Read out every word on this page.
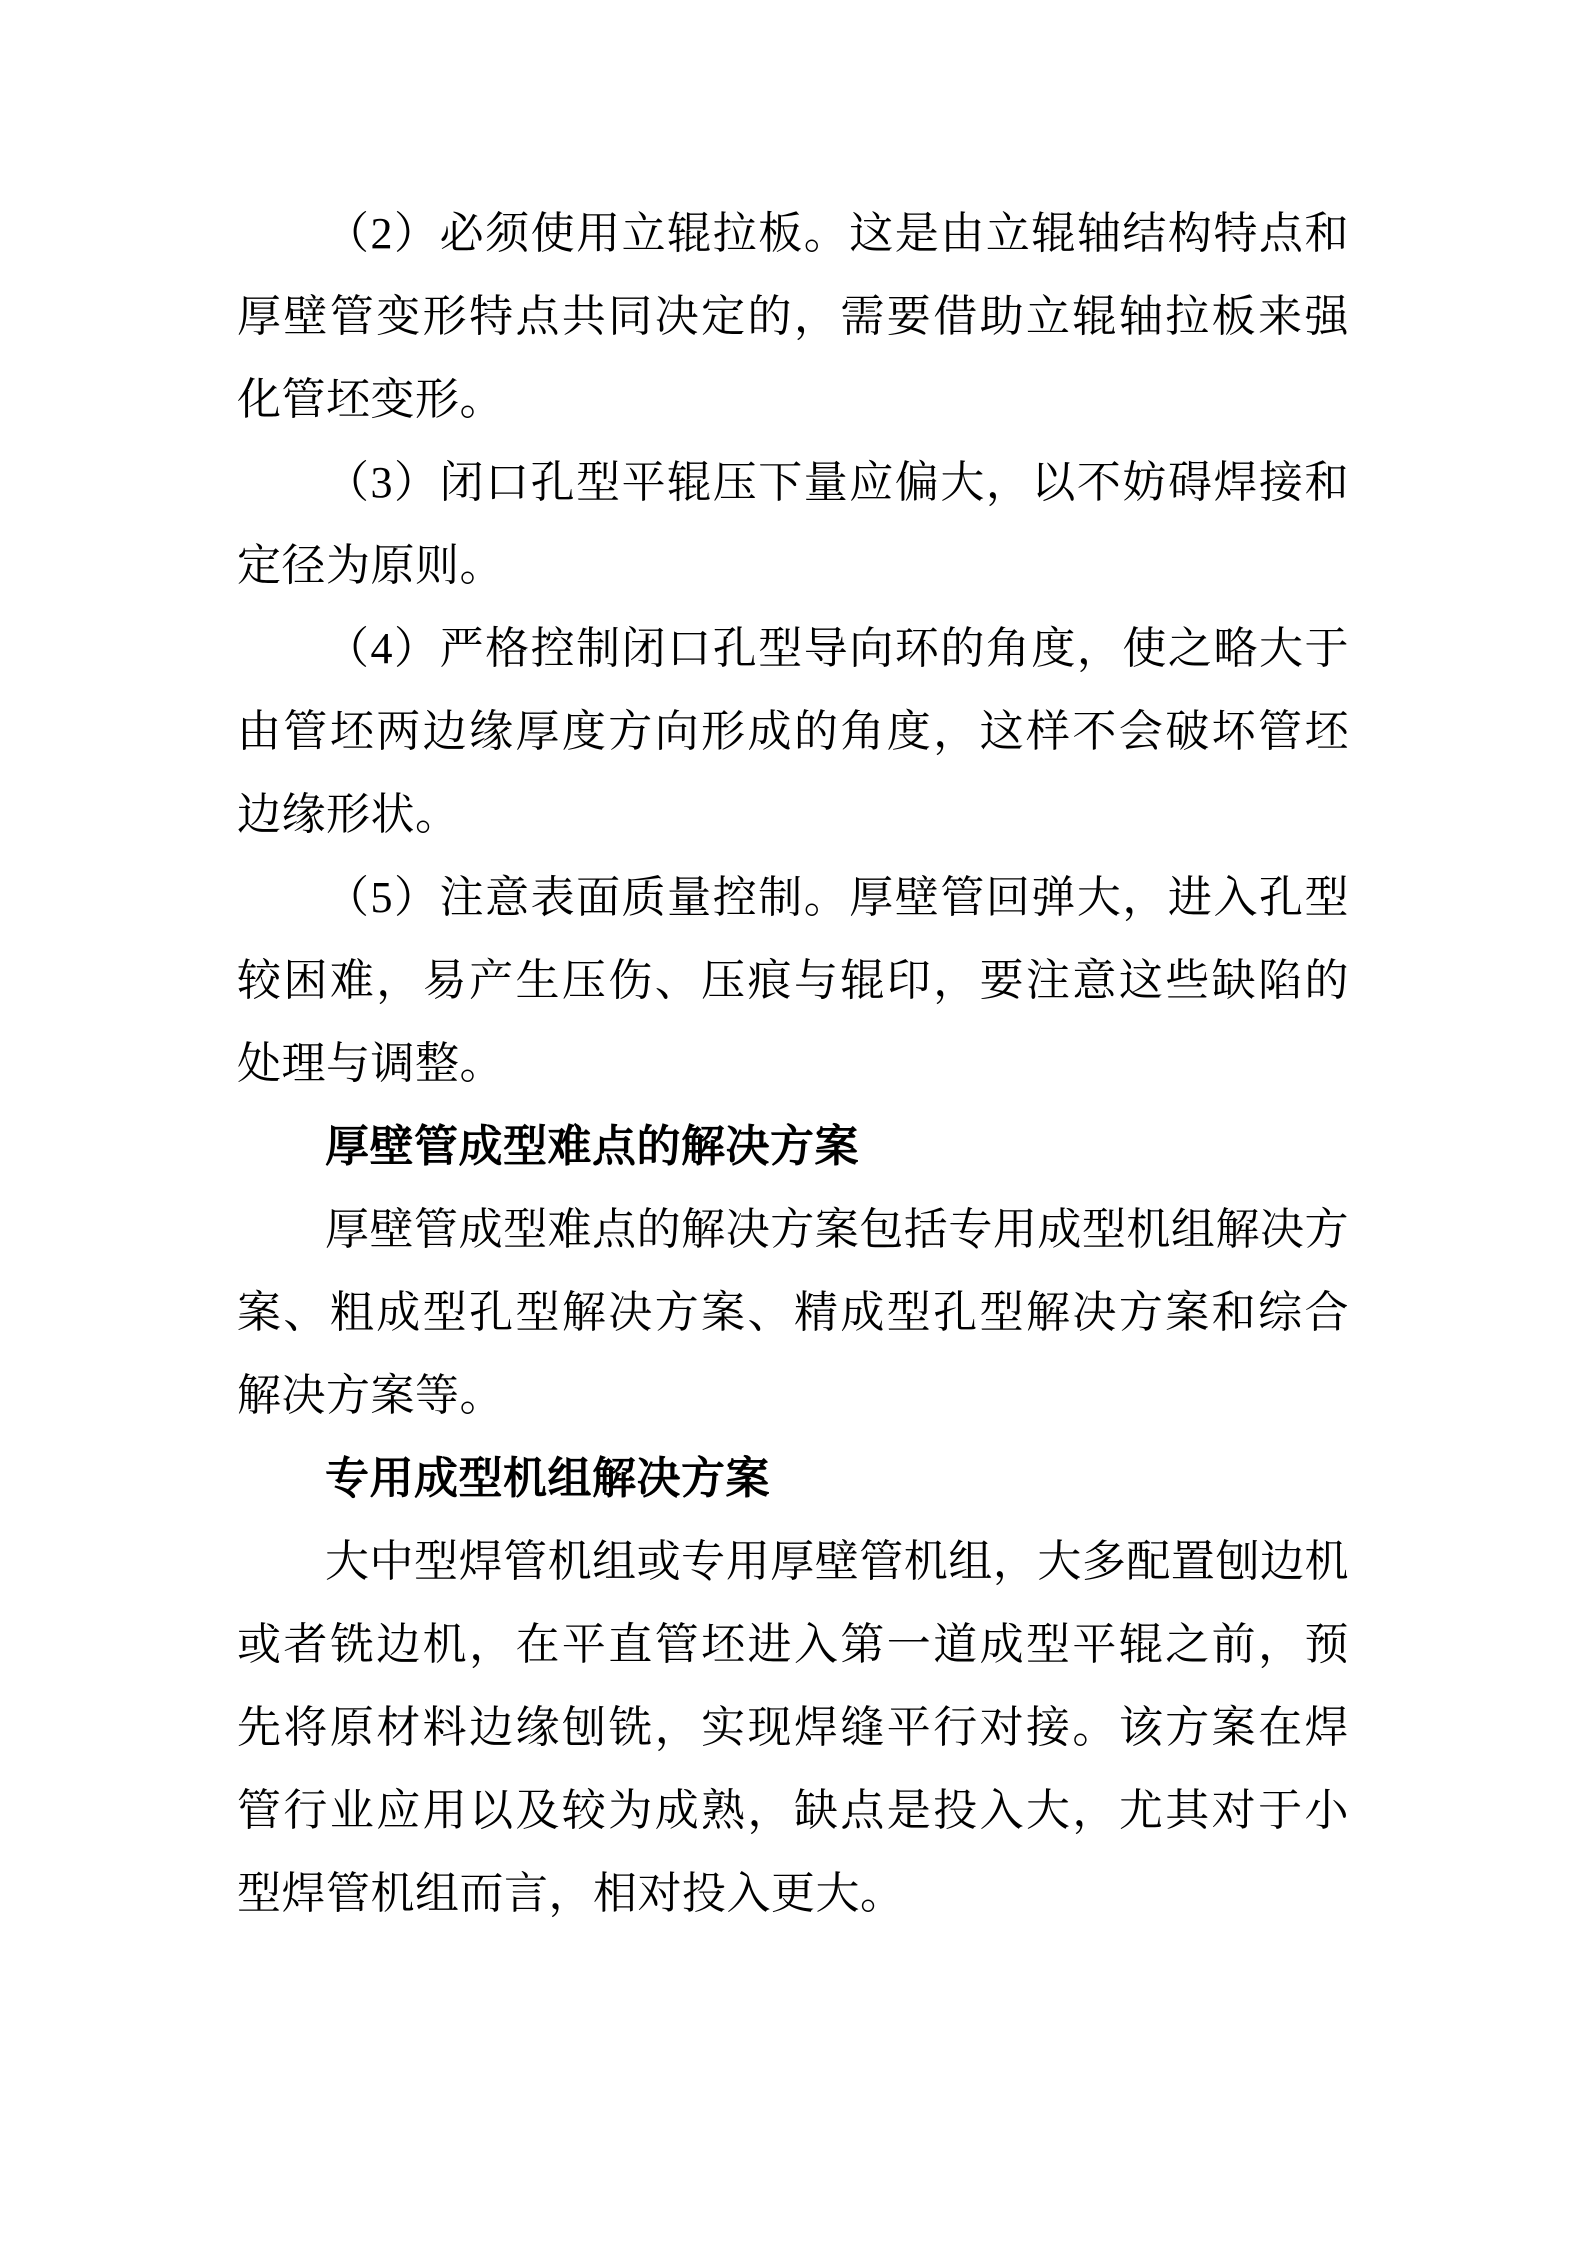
（2）必须使用立辊拉板。这是由立辊轴结构特点和厚壁管变形特点共同决定的，需要借助立辊轴拉板来强化管坯变形。

（3）闭口孔型平辊压下量应偏大，以不妨碍焊接和定径为原则。

（4）严格控制闭口孔型导向环的角度，使之略大于由管坯两边缘厚度方向形成的角度，这样不会破坏管坯边缘形状。

（5）注意表面质量控制。厚壁管回弹大，进入孔型较困难，易产生压伤、压痕与辊印，要注意这些缺陷的处理与调整。

厚壁管成型难点的解决方案

厚壁管成型难点的解决方案包括专用成型机组解决方案、粗成型孔型解决方案、精成型孔型解决方案和综合解决方案等。

专用成型机组解决方案

大中型焊管机组或专用厚壁管机组，大多配置刨边机或者铣边机，在平直管坯进入第一道成型平辊之前，预先将原材料边缘刨铣，实现焊缝平行对接。该方案在焊管行业应用以及较为成熟，缺点是投入大，尤其对于小型焊管机组而言，相对投入更大。
